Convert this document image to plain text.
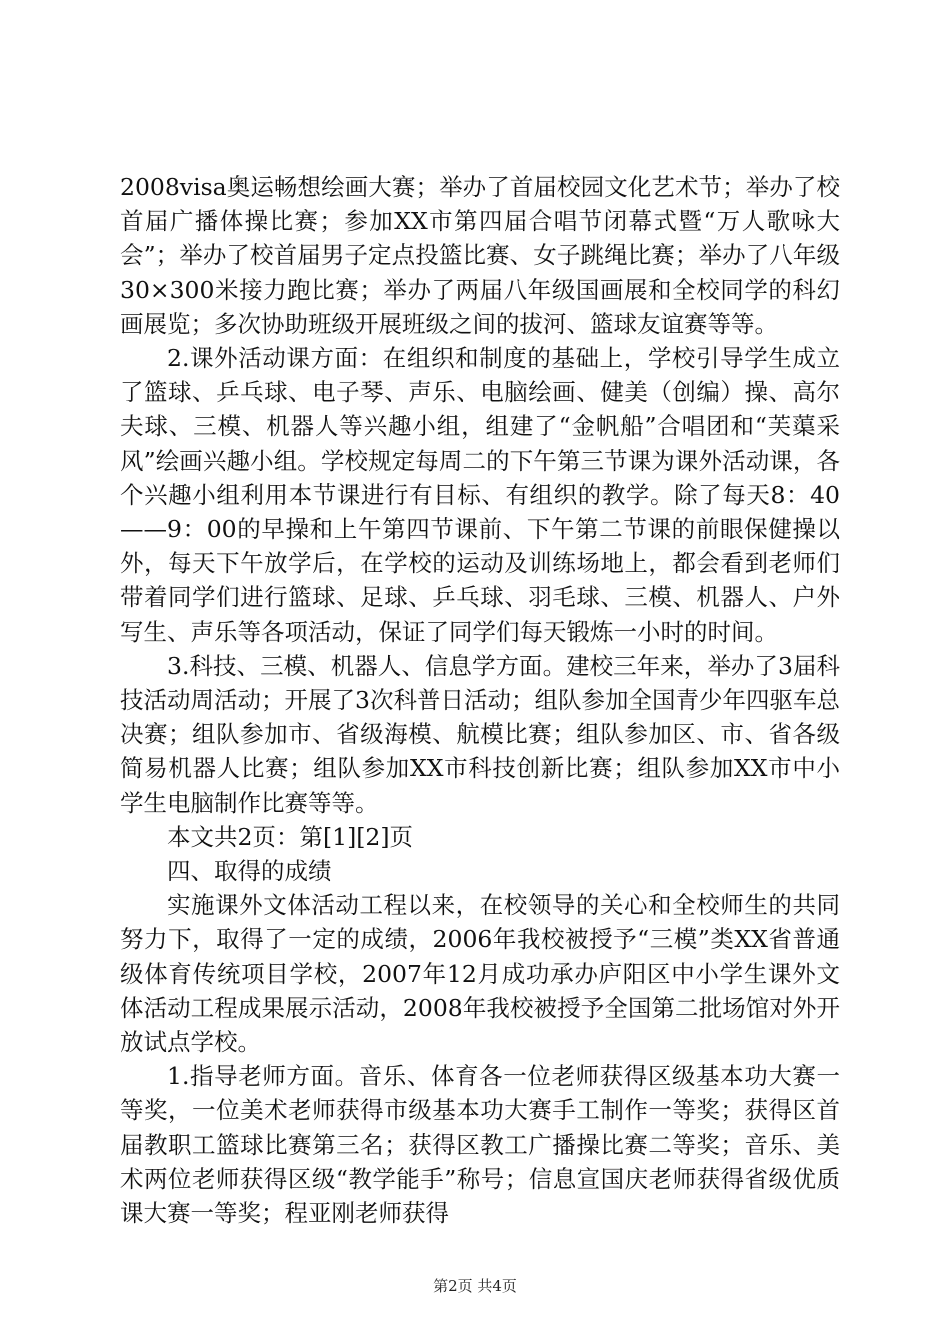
2008visa奥运畅想绘画大赛；举办了首届校园文化艺术节；举办了校首届广播体操比赛；参加XX市第四届合唱节闭幕式暨“万人歌咏大会”；举办了校首届男子定点投篮比赛、女子跳绳比赛；举办了八年级30×300米接力跑比赛；举办了两届八年级国画展和全校同学的科幻画展览；多次协助班级开展班级之间的拔河、篮球友谊赛等等。

2.课外活动课方面：在组织和制度的基础上，学校引导学生成立了篮球、乒乓球、电子琴、声乐、电脑绘画、健美（创编）操、高尔夫球、三模、机器人等兴趣小组，组建了“金帆船”合唱团和“芙蕖采风”绘画兴趣小组。学校规定每周二的下午第三节课为课外活动课，各个兴趣小组利用本节课进行有目标、有组织的教学。除了每天8：40——9：00的早操和上午第四节课前、下午第二节课的前眼保健操以外，每天下午放学后，在学校的运动及训练场地上，都会看到老师们带着同学们进行篮球、足球、乒乓球、羽毛球、三模、机器人、户外写生、声乐等各项活动，保证了同学们每天锻炼一小时的时间。

3.科技、三模、机器人、信息学方面。建校三年来，举办了3届科技活动周活动；开展了3次科普日活动；组队参加全国青少年四驱车总决赛；组队参加市、省级海模、航模比赛；组队参加区、市、省各级简易机器人比赛；组队参加XX市科技创新比赛；组队参加XX市中小学生电脑制作比赛等等。

本文共2页：第[1][2]页

四、取得的成绩

实施课外文体活动工程以来，在校领导的关心和全校师生的共同努力下，取得了一定的成绩，2006年我校被授予“三模”类XX省普通级体育传统项目学校，2007年12月成功承办庐阳区中小学生课外文体活动工程成果展示活动，2008年我校被授予全国第二批场馆对外开放试点学校。

1.指导老师方面。音乐、体育各一位老师获得区级基本功大赛一等奖，一位美术老师获得市级基本功大赛手工制作一等奖；获得区首届教职工篮球比赛第三名；获得区教工广播操比赛二等奖；音乐、美术两位老师获得区级“教学能手”称号；信息宣国庆老师获得省级优质课大赛一等奖；程亚刚老师获得

第2页 共4页
